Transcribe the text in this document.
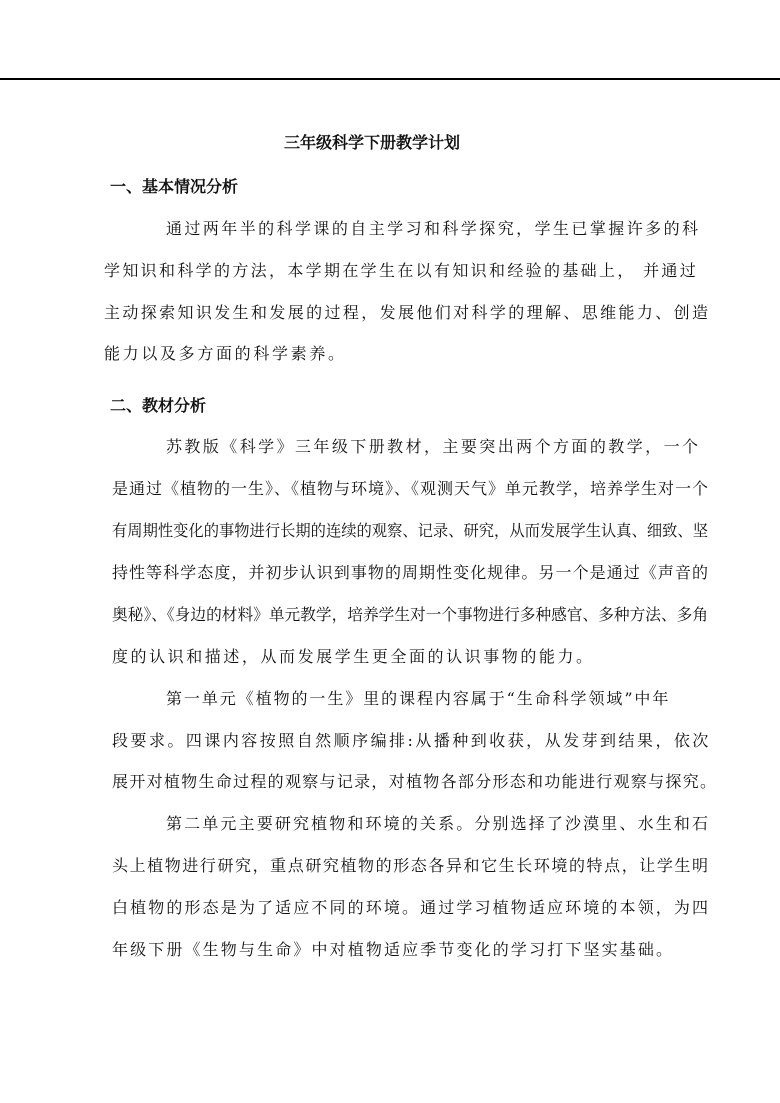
三年级科学下册教学计划
一、基本情况分析
通过两年半的科学课的自主学习和科学探究，学生已掌握许多的科
学知识和科学的方法，本学期在学生在以有知识和经验的基础上， 并通过
主动探索知识发生和发展的过程，发展他们对科学的理解、思维能力、创造
能力以及多方面的科学素养。
二、教材分析
苏教版《科学》三年级下册教材，主要突出两个方面的教学，一个
是通过《植物的一生》、《植物与环境》、《观测天气》单元教学，培养学生对一个
有周期性变化的事物进行长期的连续的观察、记录、研究，从而发展学生认真、细致、坚
持性等科学态度，并初步认识到事物的周期性变化规律。另一个是通过《声音的
奥秘》、《身边的材料》单元教学，培养学生对一个事物进行多种感官、多种方法、多角
度的认识和描述，从而发展学生更全面的认识事物的能力。
第一单元《植物的一生》里的课程内容属于“生命科学领域”中年
段要求。四课内容按照自然顺序编排:从播种到收获，从发芽到结果，依次
展开对植物生命过程的观察与记录，对植物各部分形态和功能进行观察与探究。
第二单元主要研究植物和环境的关系。分别选择了沙漠里、水生和石
头上植物进行研究，重点研究植物的形态各异和它生长环境的特点，让学生明
白植物的形态是为了适应不同的环境。通过学习植物适应环境的本领，为四
年级下册《生物与生命》中对植物适应季节变化的学习打下坚实基础。
